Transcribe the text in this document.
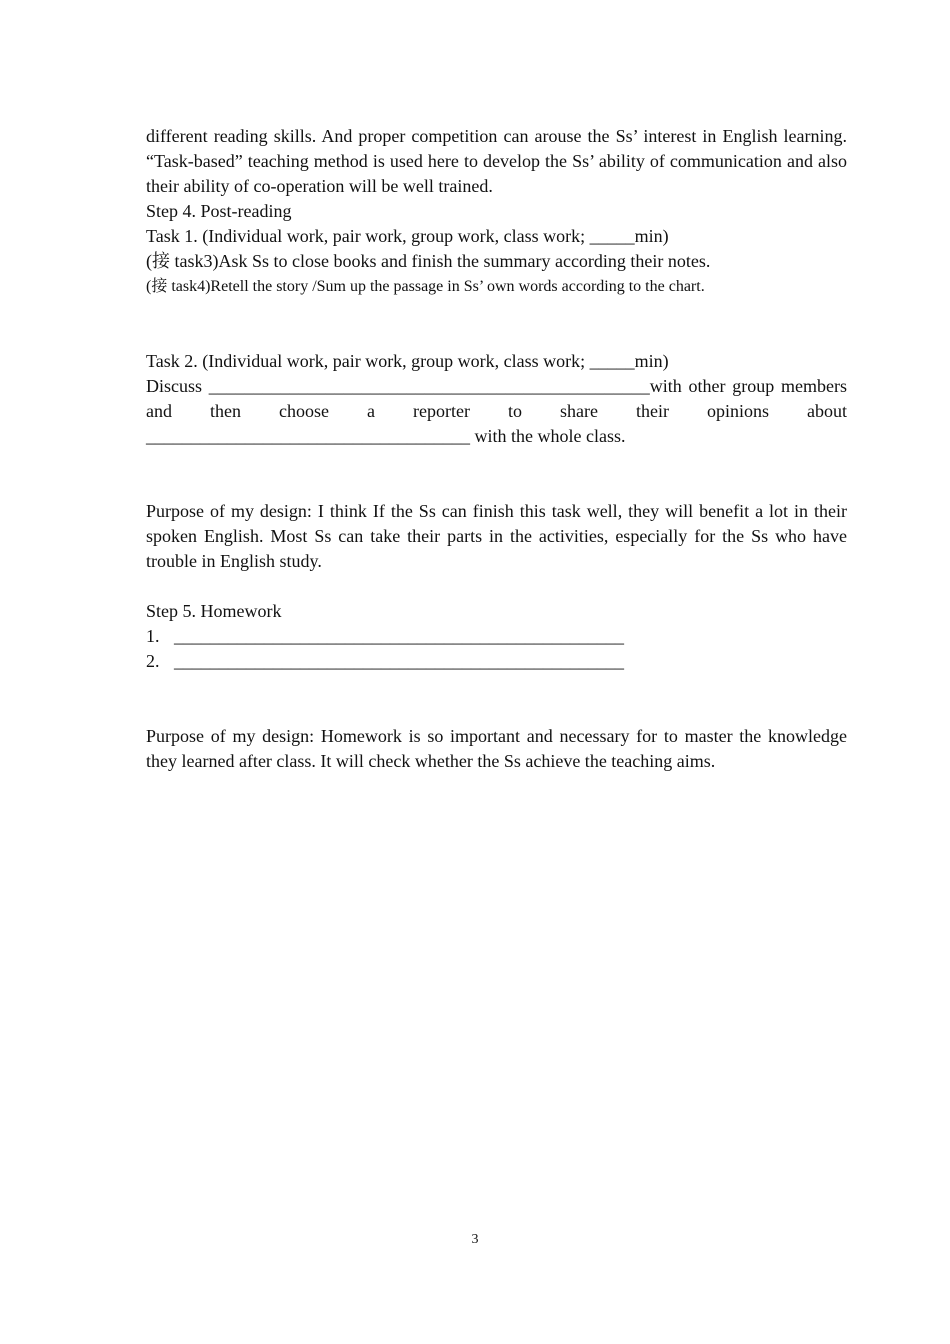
different reading skills. And proper competition can arouse the Ss’ interest in English learning. “Task-based” teaching method is used here to develop the Ss’ ability of communication and also their ability of co-operation will be well trained.

Step 4. Post-reading

Task 1. (Individual work, pair work, group work, class work; _____min)

(接 task3)Ask Ss to close books and finish the summary according their notes.

(接 task4)Retell the story /Sum up the passage in Ss’ own words according to the chart.

Task 2. (Individual work, pair work, group work, class work; _____min)

Discuss _________________________________________________with other group members and then choose a reporter to share their opinions about

____________________________________ with the whole class.

Purpose of my design: I think If the Ss can finish this task well, they will benefit a lot in their spoken English. Most Ss can take their parts in the activities, especially for the Ss who have trouble in English study.

Step 5. Homework

1. __________________________________________________
2. __________________________________________________

Purpose of my design: Homework is so important and necessary for to master the knowledge they learned after class. It will check whether the Ss achieve the teaching aims.

3
